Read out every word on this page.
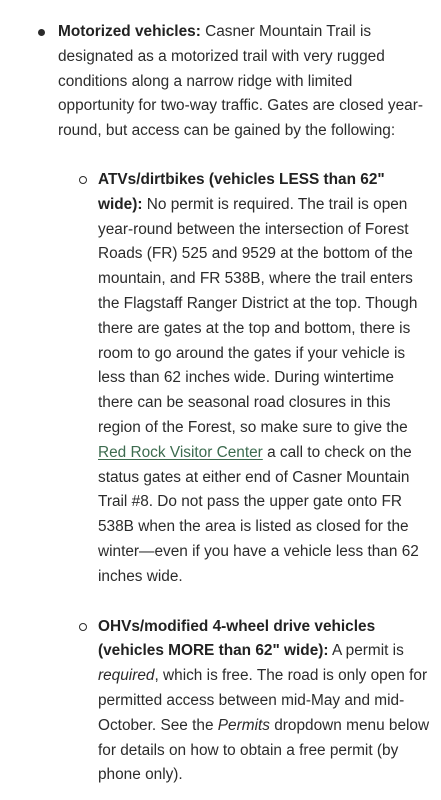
Motorized vehicles: Casner Mountain Trail is designated as a motorized trail with very rugged conditions along a narrow ridge with limited opportunity for two-way traffic. Gates are closed year-round, but access can be gained by the following:
ATVs/dirtbikes (vehicles LESS than 62" wide): No permit is required. The trail is open year-round between the intersection of Forest Roads (FR) 525 and 9529 at the bottom of the mountain, and FR 538B, where the trail enters the Flagstaff Ranger District at the top. Though there are gates at the top and bottom, there is room to go around the gates if your vehicle is less than 62 inches wide. During wintertime there can be seasonal road closures in this region of the Forest, so make sure to give the Red Rock Visitor Center a call to check on the status gates at either end of Casner Mountain Trail #8. Do not pass the upper gate onto FR 538B when the area is listed as closed for the winter—even if you have a vehicle less than 62 inches wide.
OHVs/modified 4-wheel drive vehicles (vehicles MORE than 62" wide): A permit is required, which is free. The road is only open for permitted access between mid-May and mid-October. See the Permits dropdown menu below for details on how to obtain a free permit (by phone only).
